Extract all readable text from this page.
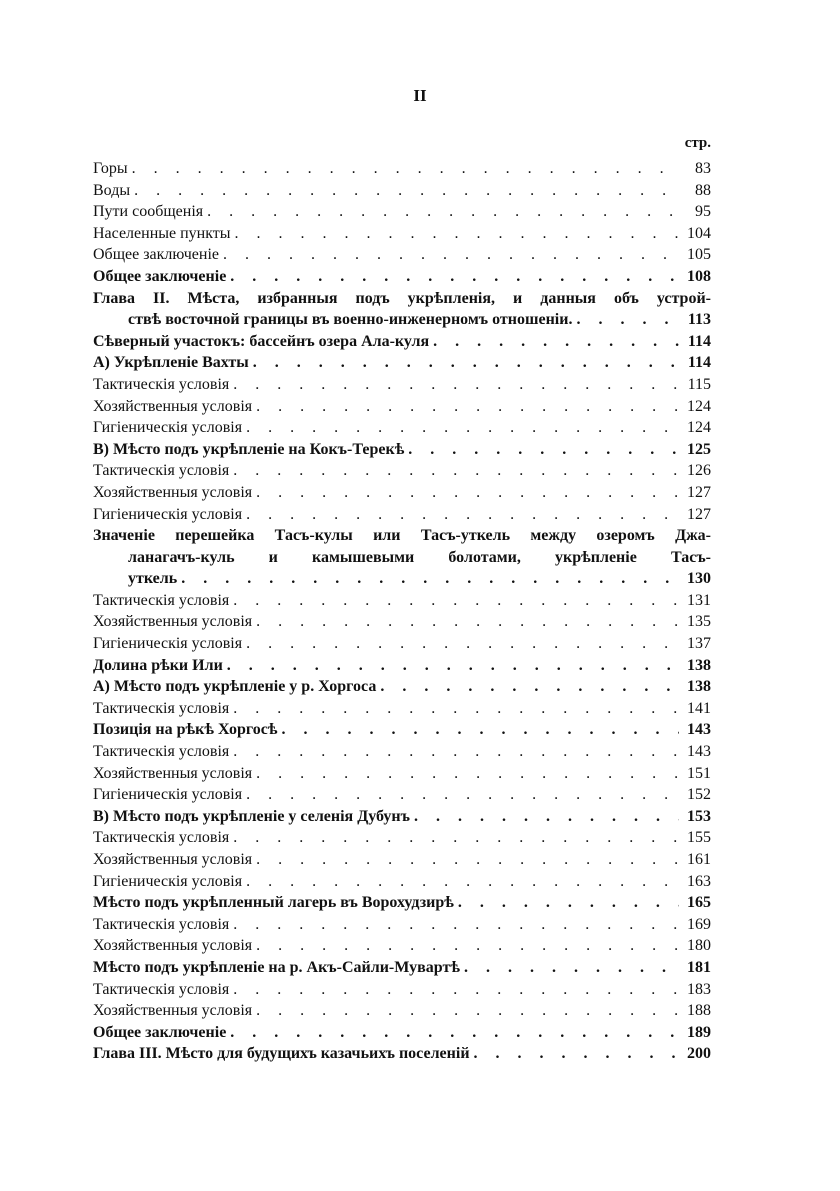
II
стр.
Горы . . .	83
Воды . . .	88
Пути сообщенія . . .	95
Населенные пункты . . .	104
Общее заключеніе . . .	105
Общее заключеніе . . .	108
Глава II. Мѣста, избранныя подъ укрѣпленія, и данныя объ устрой-
ствѣ восточной границы въ военно-инженерномъ отношеніи. . . .	113
Сѣверный участокъ: бассейнъ озера Ала-куля . . .	114
А) Укрѣпленіе Вахты . . .	114
Тактическія условія . . .	115
Хозяйственныя условія . . .	124
Гигіеническія условія . . .	124
В) Мѣсто подъ укрѣпленіе на Кокъ-Терекѣ . . .	125
Тактическія условія . . .	126
Хозяйственныя условія . . .	127
Гигіеническія условія . . .	127
Значеніе перешейка Тасъ-кулы или Тасъ-уткель между озеромъ Джа-
ланагачъ-куль и камышевыми болотами, укрѣпленіе Тасъ-
уткель . . .	130
Тактическія условія . . .	131
Хозяйственныя условія . . .	135
Гигіеническія условія . . .	137
Долина рѣки Или . . .	138
А) Мѣсто подъ укрѣпленіе у р. Хоргоса . . .	138
Тактическія условія . . .	141
Позиція на рѣкѣ Хоргосѣ . . .	143
Тактическія условія . . .	143
Хозяйственныя условія . . .	151
Гигіеническія условія . . .	152
В) Мѣсто подъ укрѣпленіе у селенія Дубунъ . . .	153
Тактическія условія . . .	155
Хозяйственныя условія . . .	161
Гигіеническія условія . . .	163
Мѣсто подъ укрѣпленный лагерь въ Ворохудзирѣ . . .	165
Тактическія условія . . .	169
Хозяйственныя условія . . .	180
Мѣсто подъ укрѣпленіе на р. Акъ-Сайли-Мувартѣ . . .	181
Тактическія условія . . .	183
Хозяйственныя условія . . .	188
Общее заключеніе . . .	189
Глава III. Мѣсто для будущихъ казачьихъ поселеній . . .	200
